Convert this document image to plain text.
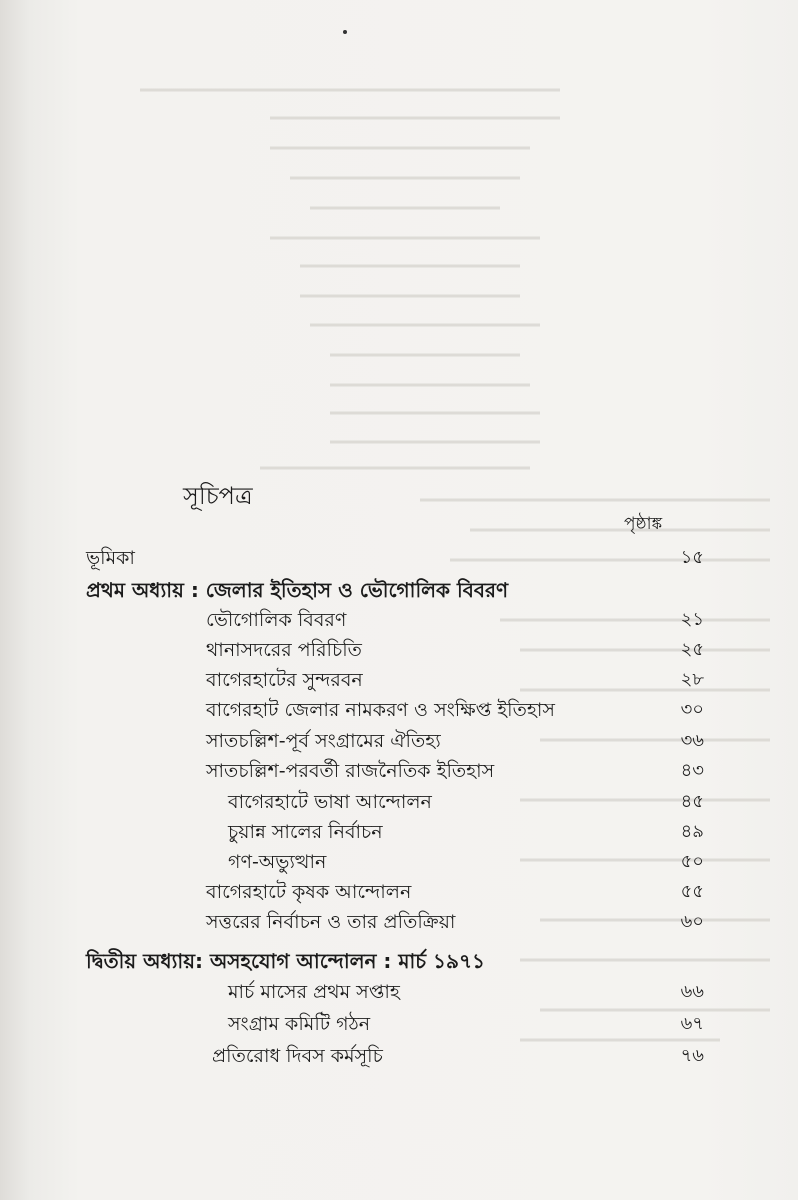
সূচিপত্র
পৃষ্ঠাঙ্ক
ভূমিকা	১৫
প্রথম অধ্যায় : জেলার ইতিহাস ও ভৌগোলিক বিবরণ
ভৌগোলিক বিবরণ	২১
থানাসদরের পরিচিতি	২৫
বাগেরহাটের সুন্দরবন	২৮
বাগেরহাট জেলার নামকরণ ও সংক্ষিপ্ত ইতিহাস	৩০
সাতচল্লিশ-পূর্ব সংগ্রামের ঐতিহ্য	৩৬
সাতচল্লিশ-পরবর্তী রাজনৈতিক ইতিহাস	৪৩
বাগেরহাটে ভাষা আন্দোলন	৪৫
চুয়ান্ন সালের নির্বাচন	৪৯
গণ-অভ্যুত্থান	৫০
বাগেরহাটে কৃষক আন্দোলন	৫৫
সত্তরের নির্বাচন ও তার প্রতিক্রিয়া	৬০
দ্বিতীয় অধ্যায়: অসহযোগ আন্দোলন : মার্চ ১৯৭১
মার্চ মাসের প্রথম সপ্তাহ	৬৬
সংগ্রাম কমিটি গঠন	৬৭
প্রতিরোধ দিবস কর্মসূচি	৭৬
